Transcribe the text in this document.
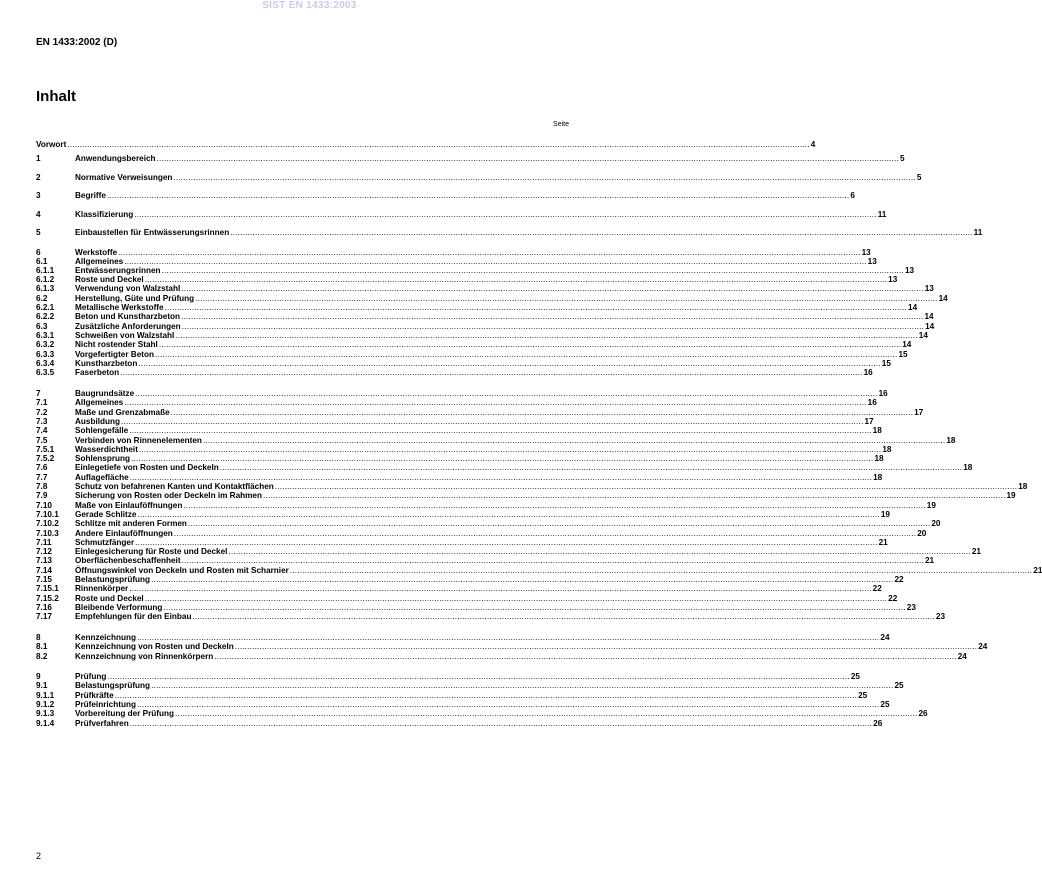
SIST EN 1433:2003
EN 1433:2002 (D)
Inhalt
Seite
Vorwort ............................................................................................................................................................................................................................................................................................................ 4
1	Anwendungsbereich ............................................................................................................................................................................................................................................................................................................ 5
2	Normative Verweisungen ............................................................................................................................................................................................................................................................................................................ 5
3	Begriffe ............................................................................................................................................................................................................................................................................................................ 6
4	Klassifizierung ............................................................................................................................................................................................................................................................................................................ 11
5	Einbaustellen für Entwässerungsrinnen ............................................................................................................................................................................................................................................................................................................ 11
6	Werkstoffe ............................................................................................................................................................................................................................................................................................................ 13
6.1	Allgemeines ............................................................................................................................................................................................................................................................................................................ 13
6.1.1	Entwässerungsrinnen ............................................................................................................................................................................................................................................................................................................ 13
6.1.2	Roste und Deckel ............................................................................................................................................................................................................................................................................................................ 13
6.1.3	Verwendung von Walzstahl ............................................................................................................................................................................................................................................................................................................ 13
6.2	Herstellung, Güte und Prüfung ............................................................................................................................................................................................................................................................................................................ 14
6.2.1	Metallische Werkstoffe ............................................................................................................................................................................................................................................................................................................ 14
6.2.2	Beton und Kunstharzbeton ............................................................................................................................................................................................................................................................................................................ 14
6.3	Zusätzliche Anforderungen ............................................................................................................................................................................................................................................................................................................ 14
6.3.1	Schweißen von Walzstahl ............................................................................................................................................................................................................................................................................................................ 14
6.3.2	Nicht rostender Stahl ............................................................................................................................................................................................................................................................................................................ 14
6.3.3	Vorgefertigter Beton ............................................................................................................................................................................................................................................................................................................ 15
6.3.4	Kunstharzbeton ............................................................................................................................................................................................................................................................................................................ 15
6.3.5	Faserbeton ............................................................................................................................................................................................................................................................................................................ 16
7	Baugrundsätze ............................................................................................................................................................................................................................................................................................................ 16
7.1	Allgemeines ............................................................................................................................................................................................................................................................................................................ 16
7.2	Maße und Grenzabmaße ............................................................................................................................................................................................................................................................................................................ 17
7.3	Ausbildung ............................................................................................................................................................................................................................................................................................................ 17
7.4	Sohlengefälle ............................................................................................................................................................................................................................................................................................................ 18
7.5	Verbinden von Rinnenelementen ............................................................................................................................................................................................................................................................................................................ 18
7.5.1	Wasserdichtheit ............................................................................................................................................................................................................................................................................................................ 18
7.5.2	Sohlensprung ............................................................................................................................................................................................................................................................................................................ 18
7.6	Einlegetiefe von Rosten und Deckeln ............................................................................................................................................................................................................................................................................................................ 18
7.7	Auflagefläche ............................................................................................................................................................................................................................................................................................................ 18
7.8	Schutz von befahrenen Kanten und Kontaktflächen ............................................................................................................................................................................................................................................................................................................ 18
7.9	Sicherung von Rosten oder Deckeln im Rahmen ............................................................................................................................................................................................................................................................................................................ 19
7.10	Maße von Einlauföffnungen ............................................................................................................................................................................................................................................................................................................ 19
7.10.1 Gerade Schlitze ............................................................................................................................................................................................................................................................................................................ 19
7.10.2 Schlitze mit anderen Formen ............................................................................................................................................................................................................................................................................................................ 20
7.10.3 Andere Einlauföffnungen ............................................................................................................................................................................................................................................................................................................ 20
7.11	Schmutzfänger ............................................................................................................................................................................................................................................................................................................ 21
7.12	Einlegesicherung für Roste und Deckel ............................................................................................................................................................................................................................................................................................................ 21
7.13	Oberflächenbeschaffenheit ............................................................................................................................................................................................................................................................................................................ 21
7.14	Öffnungswinkel von Deckeln und Rosten mit Scharnier ............................................................................................................................................................................................................................................................................................................ 21
7.15	Belastungsprüfung ............................................................................................................................................................................................................................................................................................................ 22
7.15.1 Rinnenkörper ............................................................................................................................................................................................................................................................................................................ 22
7.15.2 Roste und Deckel ............................................................................................................................................................................................................................................................................................................ 22
7.16	Bleibende Verformung ............................................................................................................................................................................................................................................................................................................ 23
7.17	Empfehlungen für den Einbau ............................................................................................................................................................................................................................................................................................................ 23
8	Kennzeichnung ............................................................................................................................................................................................................................................................................................................ 24
8.1	Kennzeichnung von Rosten und Deckeln ............................................................................................................................................................................................................................................................................................................ 24
8.2	Kennzeichnung von Rinnenkörpern ............................................................................................................................................................................................................................................................................................................ 24
9	Prüfung ............................................................................................................................................................................................................................................................................................................ 25
9.1	Belastungsprüfung ............................................................................................................................................................................................................................................................................................................ 25
9.1.1	Prüfkräfte ............................................................................................................................................................................................................................................................................................................ 25
9.1.2	Prüfeinrichtung ............................................................................................................................................................................................................................................................................................................ 25
9.1.3	Vorbereitung der Prüfung ............................................................................................................................................................................................................................................................................................................ 26
9.1.4	Prüfverfahren ............................................................................................................................................................................................................................................................................................................ 26
2
